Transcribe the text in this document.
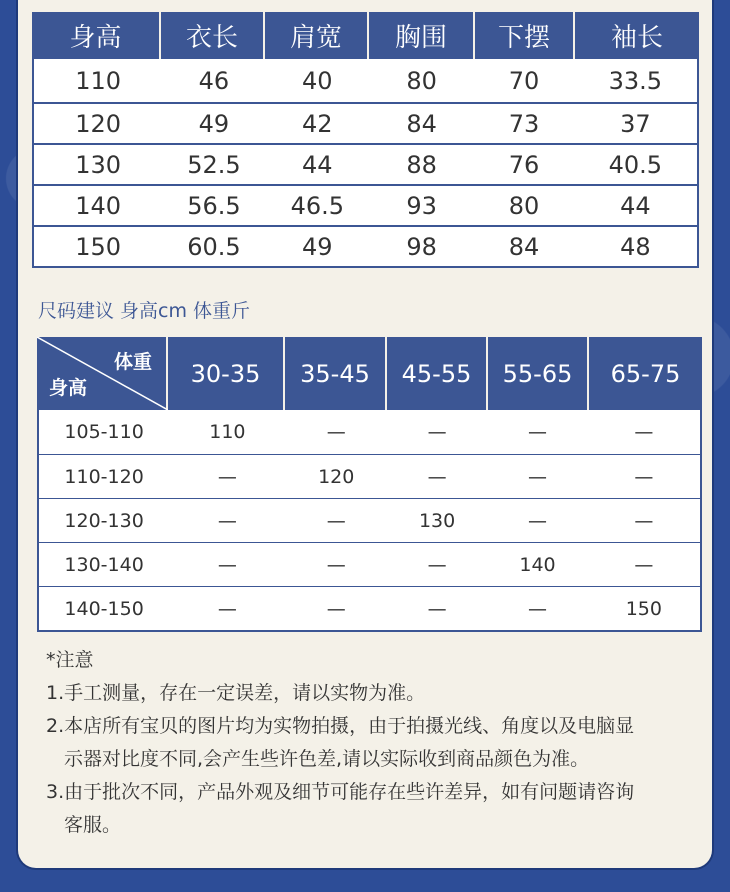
身高	衣长	肩宽	胸围	下摆	袖长
110	46	40	80	70	33.5
120	49	42	84	73	37
130	52.5	44	88	76	40.5
140	56.5	46.5	93	80	44
150	60.5	49	98	84	48
尺码建议 身高cm 体重斤
体重
身高
30-35	35-45	45-55	55-65	65-75
105-110	110	—	—	—	—
110-120	—	120	—	—	—
120-130	—	—	130	—	—
130-140	—	—	—	140	—
140-150	—	—	—	—	150
*注意
1.手工测量，存在一定误差，请以实物为准。
2.本店所有宝贝的图片均为实物拍摄，由于拍摄光线、角度以及电脑显
示器对比度不同,会产生些许色差,请以实际收到商品颜色为准。
3.由于批次不同，产品外观及细节可能存在些许差异，如有问题请咨询
客服。
